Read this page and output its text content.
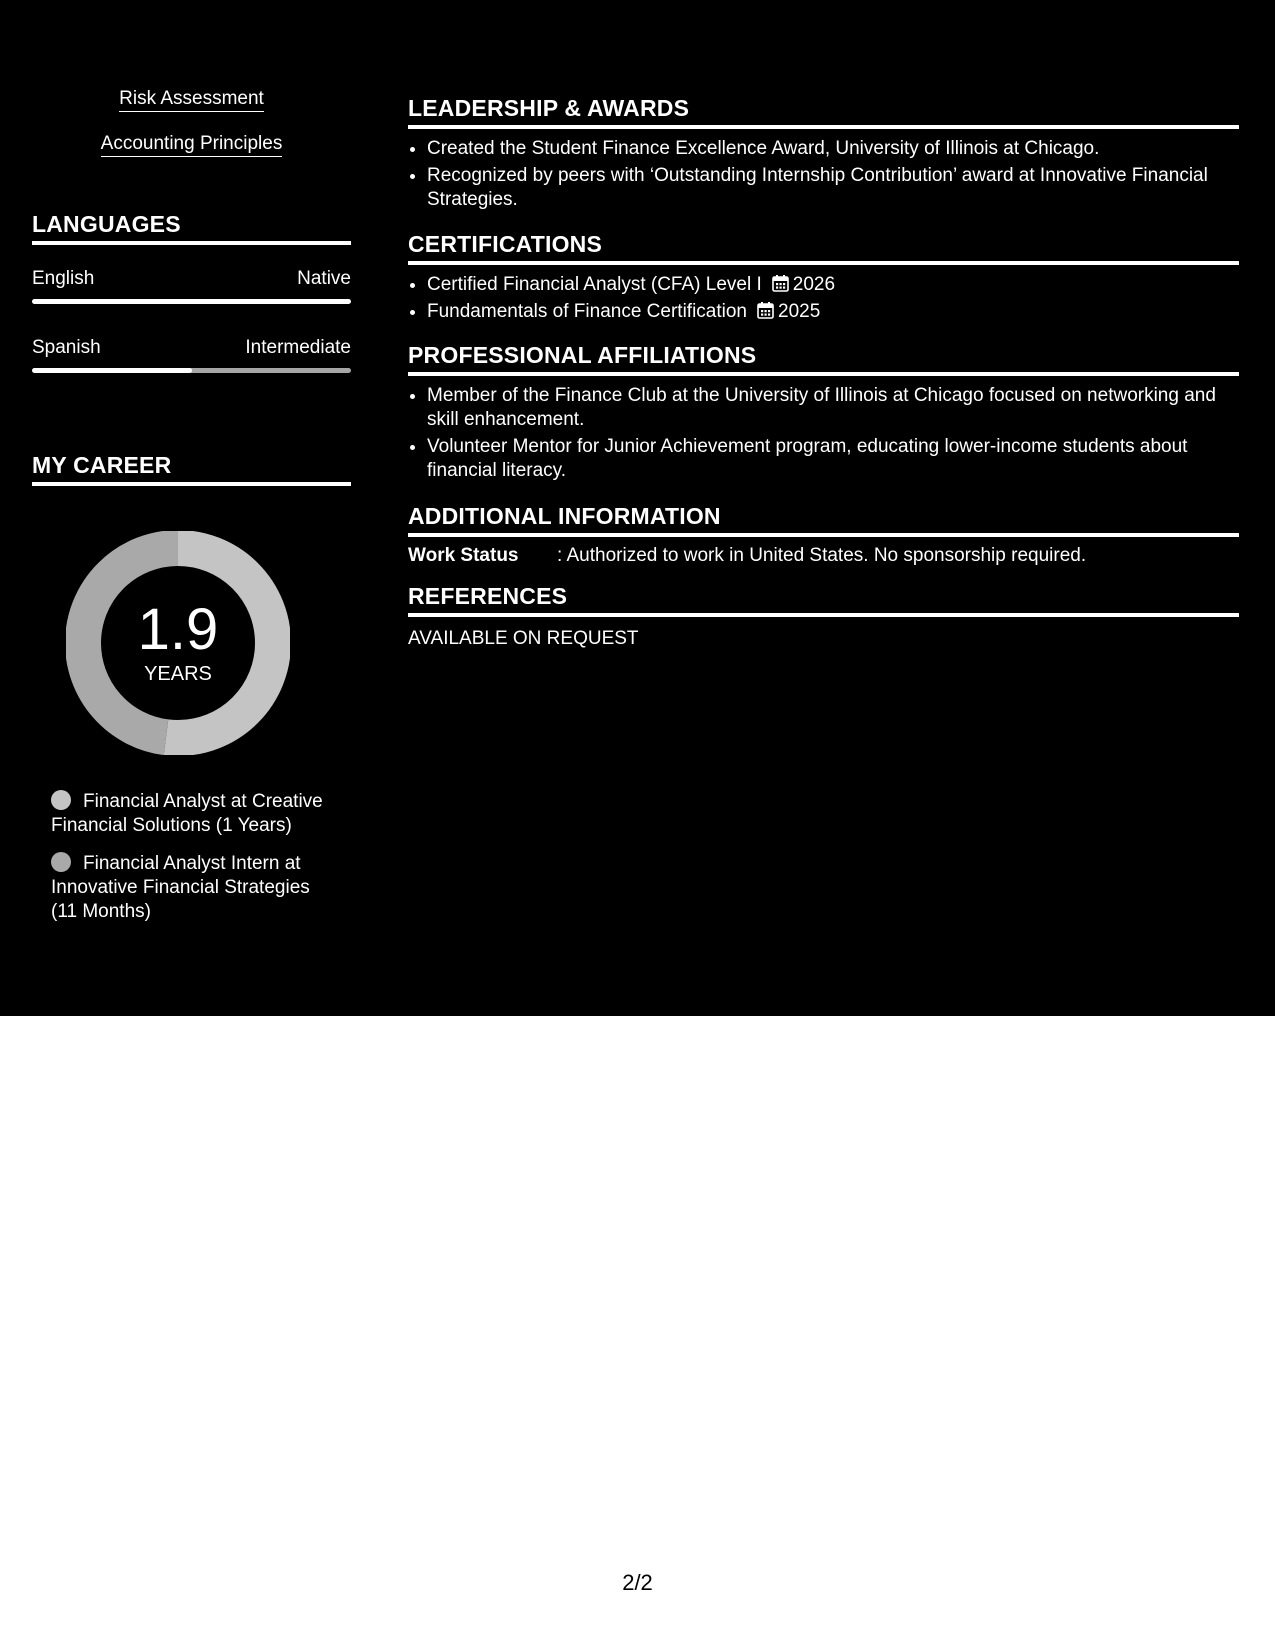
Risk Assessment
Accounting Principles
LANGUAGES
English	Native
Spanish	Intermediate
MY CAREER
1.9
YEARS
Financial Analyst at Creative Financial Solutions (1 Years)
Financial Analyst Intern at Innovative Financial Strategies (11 Months)
LEADERSHIP & AWARDS
• Created the Student Finance Excellence Award, University of Illinois at Chicago.
• Recognized by peers with ‘Outstanding Internship Contribution’ award at Innovative Financial Strategies.
CERTIFICATIONS
• Certified Financial Analyst (CFA) Level I 2026
• Fundamentals of Finance Certification 2025
PROFESSIONAL AFFILIATIONS
• Member of the Finance Club at the University of Illinois at Chicago focused on networking and skill enhancement.
• Volunteer Mentor for Junior Achievement program, educating lower-income students about financial literacy.
ADDITIONAL INFORMATION
Work Status : Authorized to work in United States. No sponsorship required.
REFERENCES
AVAILABLE ON REQUEST
2/2
